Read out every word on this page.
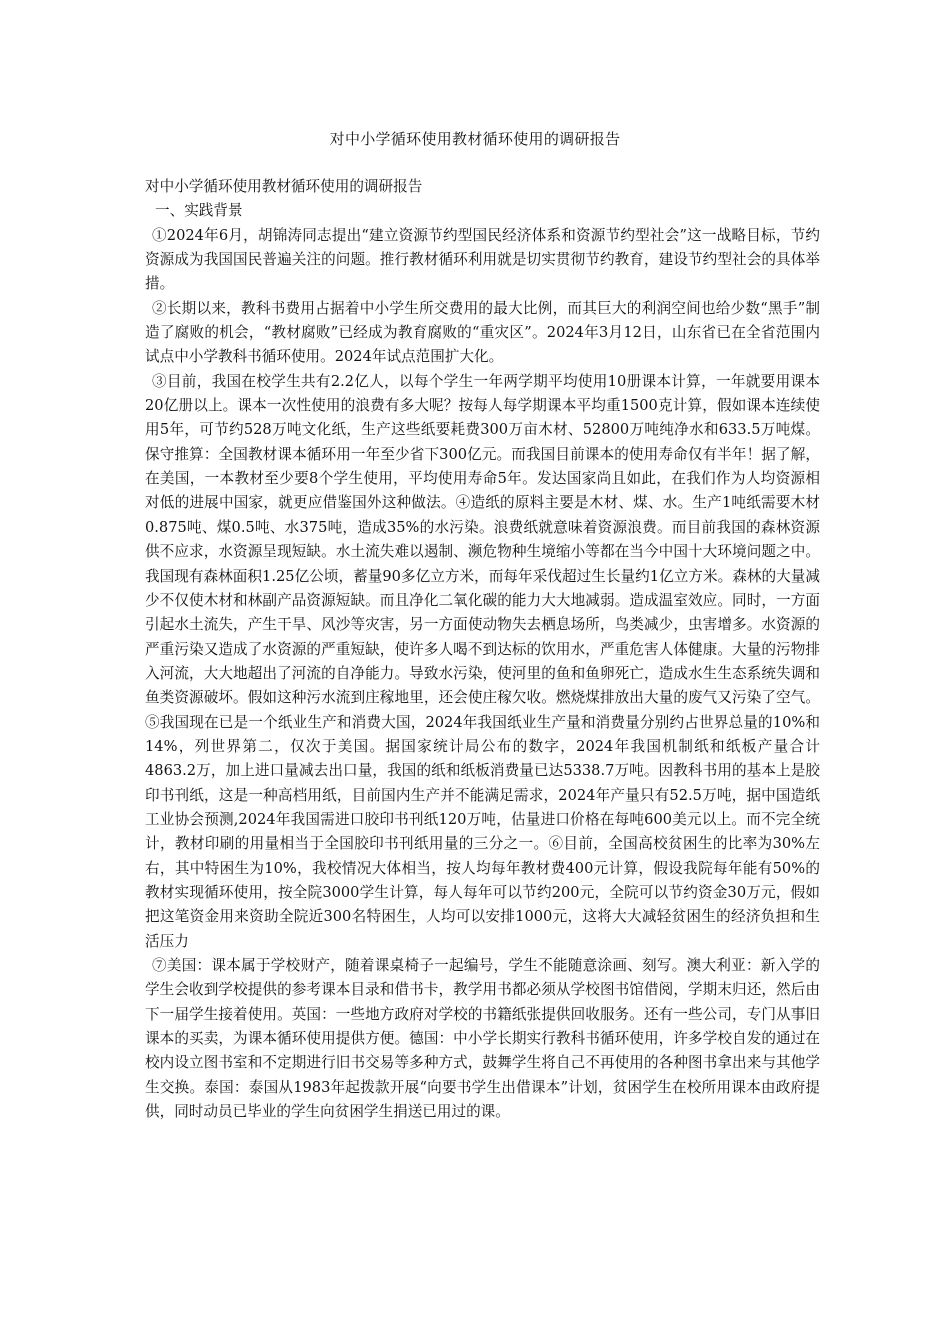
对中小学循环使用教材循环使用的调研报告

对中小学循环使用教材循环使用的调研报告

一、实践背景

①2024年6月，胡锦涛同志提出“建立资源节约型国民经济体系和资源节约型社会”这一战略目标，节约资源成为我国国民普遍关注的问题。推行教材循环利用就是切实贯彻节约教育，建设节约型社会的具体举措。

②长期以来，教科书费用占据着中小学生所交费用的最大比例，而其巨大的利润空间也给少数“黑手”制造了腐败的机会，“教材腐败”已经成为教育腐败的“重灾区”。2024年3月12日，山东省已在全省范围内试点中小学教科书循环使用。2024年试点范围扩大化。

③目前，我国在校学生共有2.2亿人，以每个学生一年两学期平均使用10册课本计算，一年就要用课本20亿册以上。课本一次性使用的浪费有多大呢？按每人每学期课本平均重1500克计算，假如课本连续使用5年，可节约528万吨文化纸，生产这些纸要耗费300万亩木材、52800万吨纯净水和633.5万吨煤。保守推算：全国教材课本循环用一年至少省下300亿元。而我国目前课本的使用寿命仅有半年！据了解，在美国，一本教材至少要8个学生使用，平均使用寿命5年。发达国家尚且如此，在我们作为人均资源相对低的进展中国家，就更应借鉴国外这种做法。④造纸的原料主要是木材、煤、水。生产1吨纸需要木材0.875吨、煤0.5吨、水375吨，造成35%的水污染。浪费纸就意味着资源浪费。而目前我国的森林资源供不应求，水资源呈现短缺。水土流失难以遏制、濒危物种生境缩小等都在当今中国十大环境问题之中。我国现有森林面积1.25亿公顷，蓄量90多亿立方米，而每年采伐超过生长量约1亿立方米。森林的大量减少不仅使木材和林副产品资源短缺。而且净化二氧化碳的能力大大地减弱。造成温室效应。同时，一方面引起水土流失，产生干旱、风沙等灾害，另一方面使动物失去栖息场所，鸟类减少，虫害增多。水资源的严重污染又造成了水资源的严重短缺，使许多人喝不到达标的饮用水，严重危害人体健康。大量的污物排入河流，大大地超出了河流的自净能力。导致水污染，使河里的鱼和鱼卵死亡，造成水生生态系统失调和鱼类资源破坏。假如这种污水流到庄稼地里，还会使庄稼欠收。燃烧煤排放出大量的废气又污染了空气。⑤我国现在已是一个纸业生产和消费大国，2024年我国纸业生产量和消费量分别约占世界总量的10%和14%，列世界第二，仅次于美国。据国家统计局公布的数字，2024年我国机制纸和纸板产量合计4863.2万，加上进口量减去出口量，我国的纸和纸板消费量已达5338.7万吨。因教科书用的基本上是胶印书刊纸，这是一种高档用纸，目前国内生产并不能满足需求，2024年产量只有52.5万吨，据中国造纸工业协会预测,2024年我国需进口胶印书刊纸120万吨，估量进口价格在每吨600美元以上。而不完全统计，教材印刷的用量相当于全国胶印书刊纸用量的三分之一。⑥目前，全国高校贫困生的比率为30%左右，其中特困生为10%，我校情况大体相当，按人均每年教材费400元计算，假设我院每年能有50%的教材实现循环使用，按全院3000学生计算，每人每年可以节约200元，全院可以节约资金30万元，假如把这笔资金用来资助全院近300名特困生，人均可以安排1000元，这将大大减轻贫困生的经济负担和生活压力

⑦美国：课本属于学校财产，随着课桌椅子一起编号，学生不能随意涂画、刻写。澳大利亚：新入学的学生会收到学校提供的参考课本目录和借书卡，教学用书都必须从学校图书馆借阅，学期末归还，然后由下一届学生接着使用。英国：一些地方政府对学校的书籍纸张提供回收服务。还有一些公司，专门从事旧课本的买卖，为课本循环使用提供方便。德国：中小学长期实行教科书循环使用，许多学校自发的通过在校内设立图书室和不定期进行旧书交易等多种方式，鼓舞学生将自己不再使用的各种图书拿出来与其他学生交换。泰国：泰国从1983年起拨款开展“向要书学生出借课本”计划，贫困学生在校所用课本由政府提供，同时动员已毕业的学生向贫困学生捐送已用过的课。
